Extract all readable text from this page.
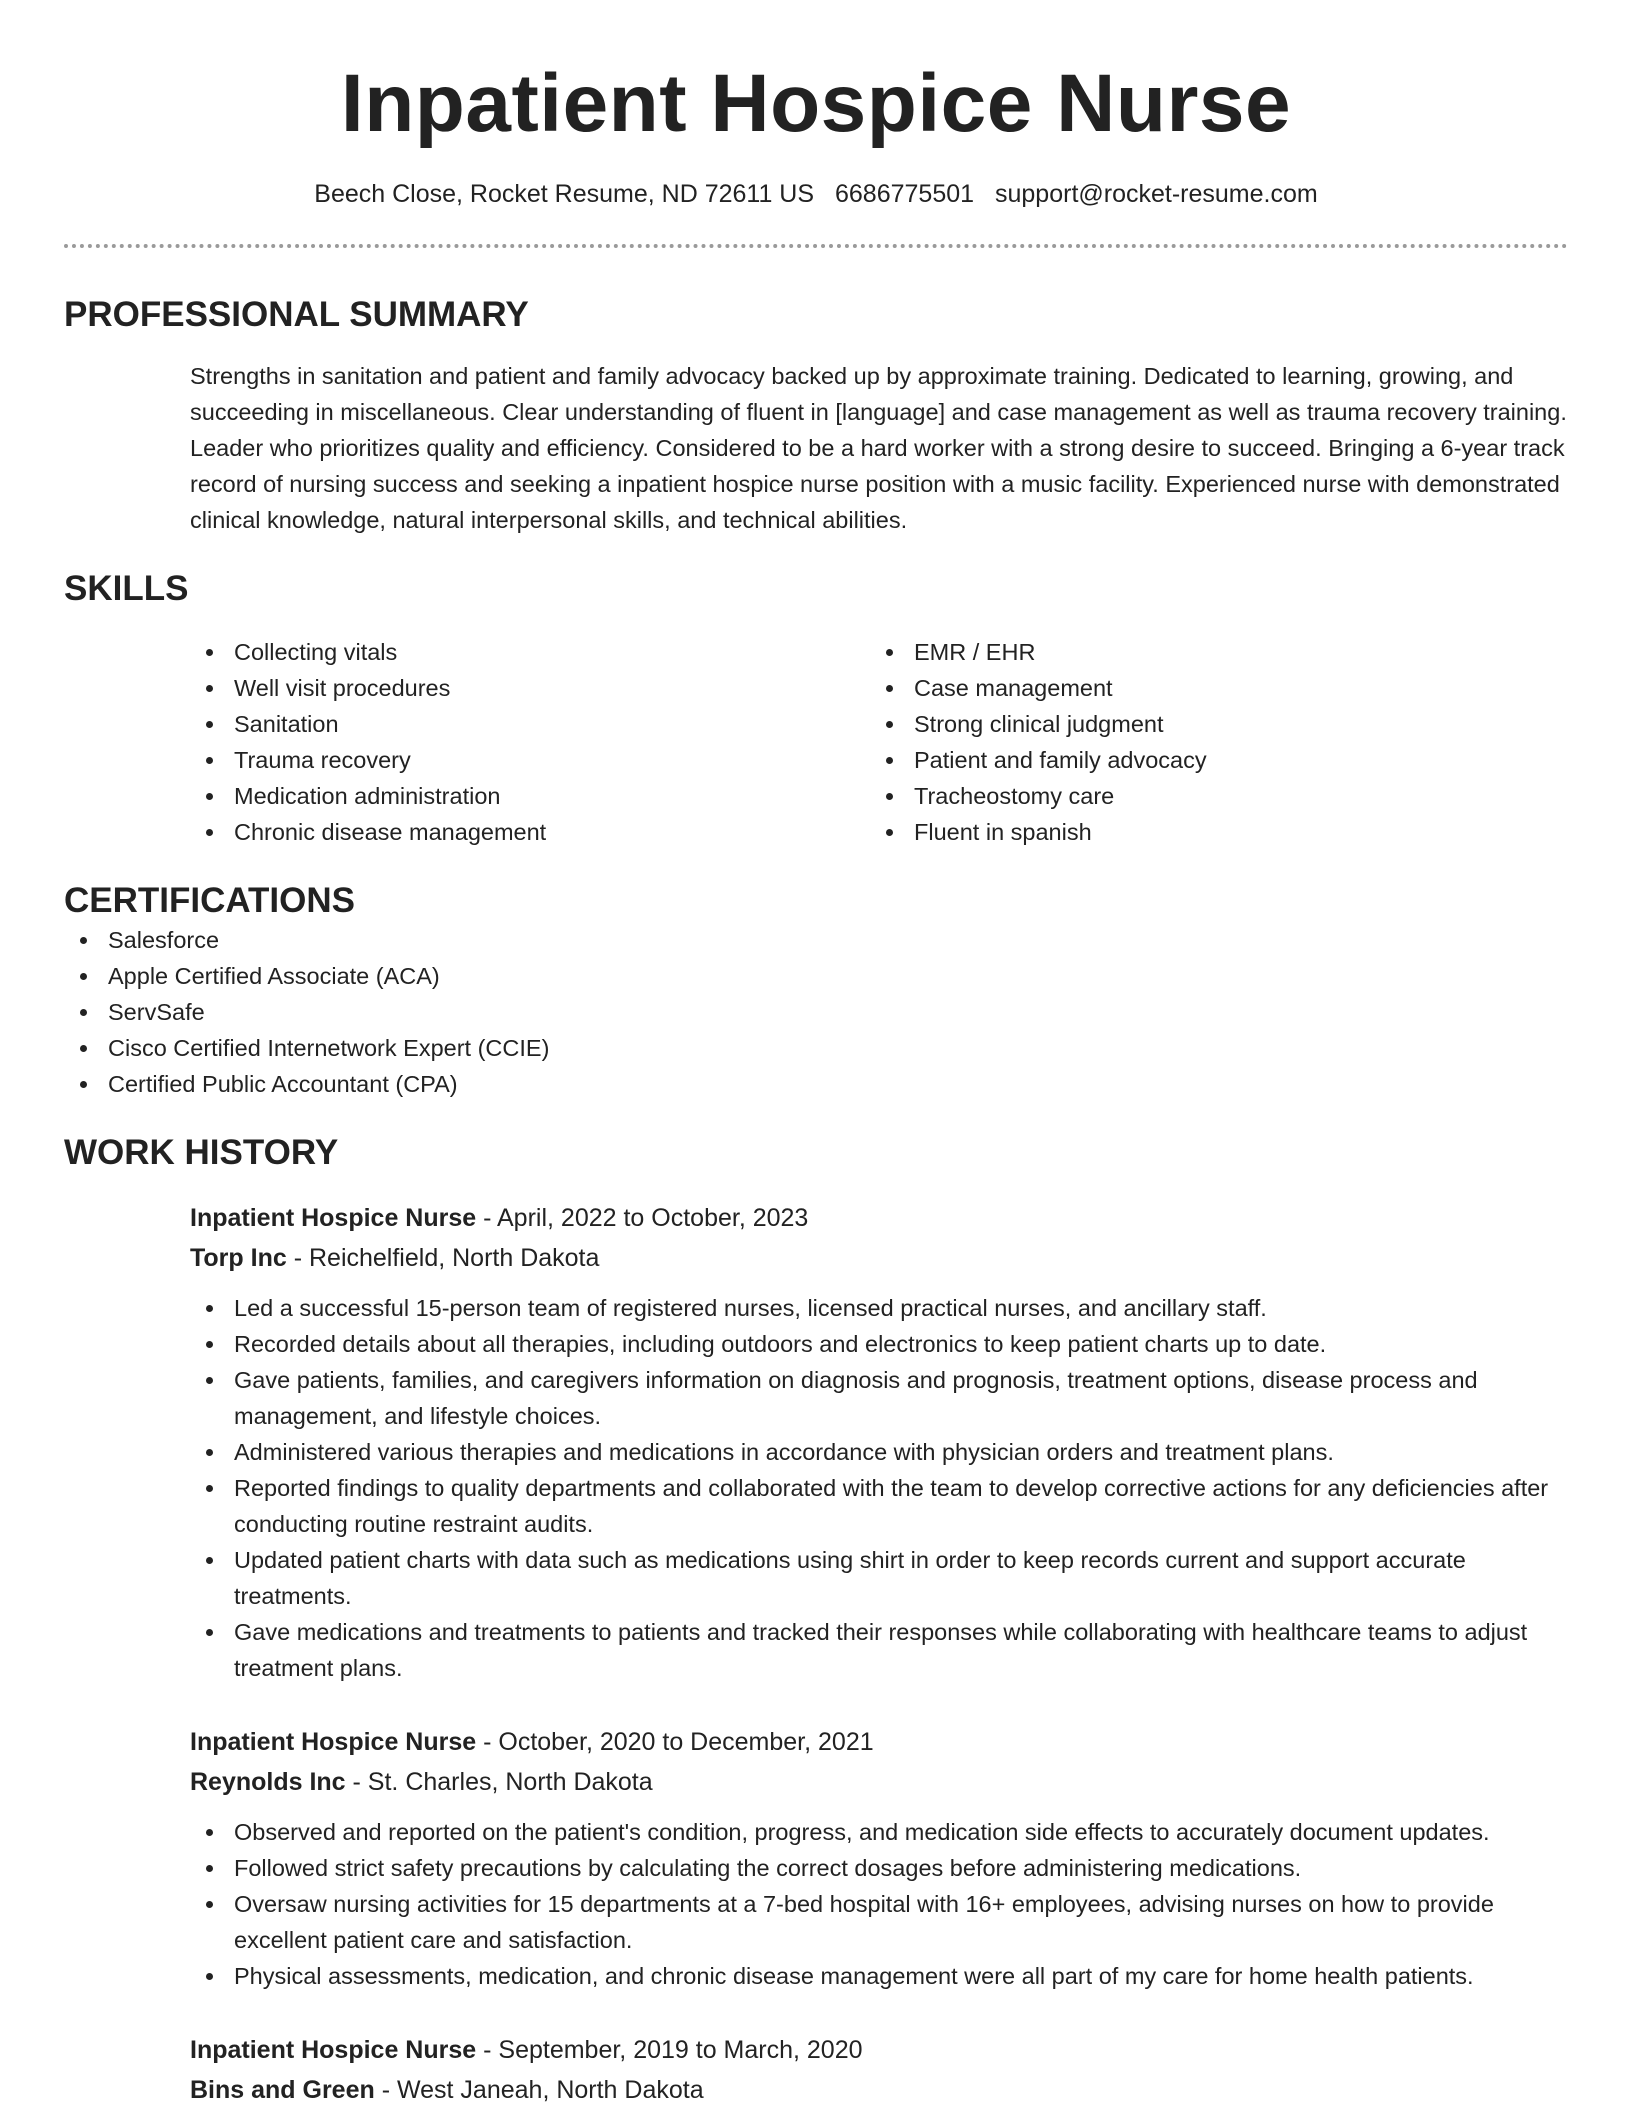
Inpatient Hospice Nurse
Beech Close, Rocket Resume, ND 72611 US 6686775501 support@rocket-resume.com
PROFESSIONAL SUMMARY

Strengths in sanitation and patient and family advocacy backed up by approximate training. Dedicated to learning, growing, and succeeding in miscellaneous. Clear understanding of fluent in [language] and case management as well as trauma recovery training. Leader who prioritizes quality and efficiency. Considered to be a hard worker with a strong desire to succeed. Bringing a 6-year track record of nursing success and seeking a inpatient hospice nurse position with a music facility. Experienced nurse with demonstrated clinical knowledge, natural interpersonal skills, and technical abilities.

SKILLS
Collecting vitals
Well visit procedures
Sanitation
Trauma recovery
Medication administration
Chronic disease management
EMR / EHR
Case management
Strong clinical judgment
Patient and family advocacy
Tracheostomy care
Fluent in spanish
CERTIFICATIONS
Salesforce
Apple Certified Associate (ACA)
ServSafe
Cisco Certified Internetwork Expert (CCIE)
Certified Public Accountant (CPA)
WORK HISTORY
Inpatient Hospice Nurse - April, 2022 to October, 2023
Torp Inc - Reichelfield, North Dakota
Led a successful 15-person team of registered nurses, licensed practical nurses, and ancillary staff.
Recorded details about all therapies, including outdoors and electronics to keep patient charts up to date.
Gave patients, families, and caregivers information on diagnosis and prognosis, treatment options, disease process and management, and lifestyle choices.
Administered various therapies and medications in accordance with physician orders and treatment plans.
Reported findings to quality departments and collaborated with the team to develop corrective actions for any deficiencies after conducting routine restraint audits.
Updated patient charts with data such as medications using shirt in order to keep records current and support accurate treatments.
Gave medications and treatments to patients and tracked their responses while collaborating with healthcare teams to adjust treatment plans.
Inpatient Hospice Nurse - October, 2020 to December, 2021
Reynolds Inc - St. Charles, North Dakota
Observed and reported on the patient's condition, progress, and medication side effects to accurately document updates.
Followed strict safety precautions by calculating the correct dosages before administering medications.
Oversaw nursing activities for 15 departments at a 7-bed hospital with 16+ employees, advising nurses on how to provide excellent patient care and satisfaction.
Physical assessments, medication, and chronic disease management were all part of my care for home health patients.
Inpatient Hospice Nurse - September, 2019 to March, 2020
Bins and Green - West Janeah, North Dakota
